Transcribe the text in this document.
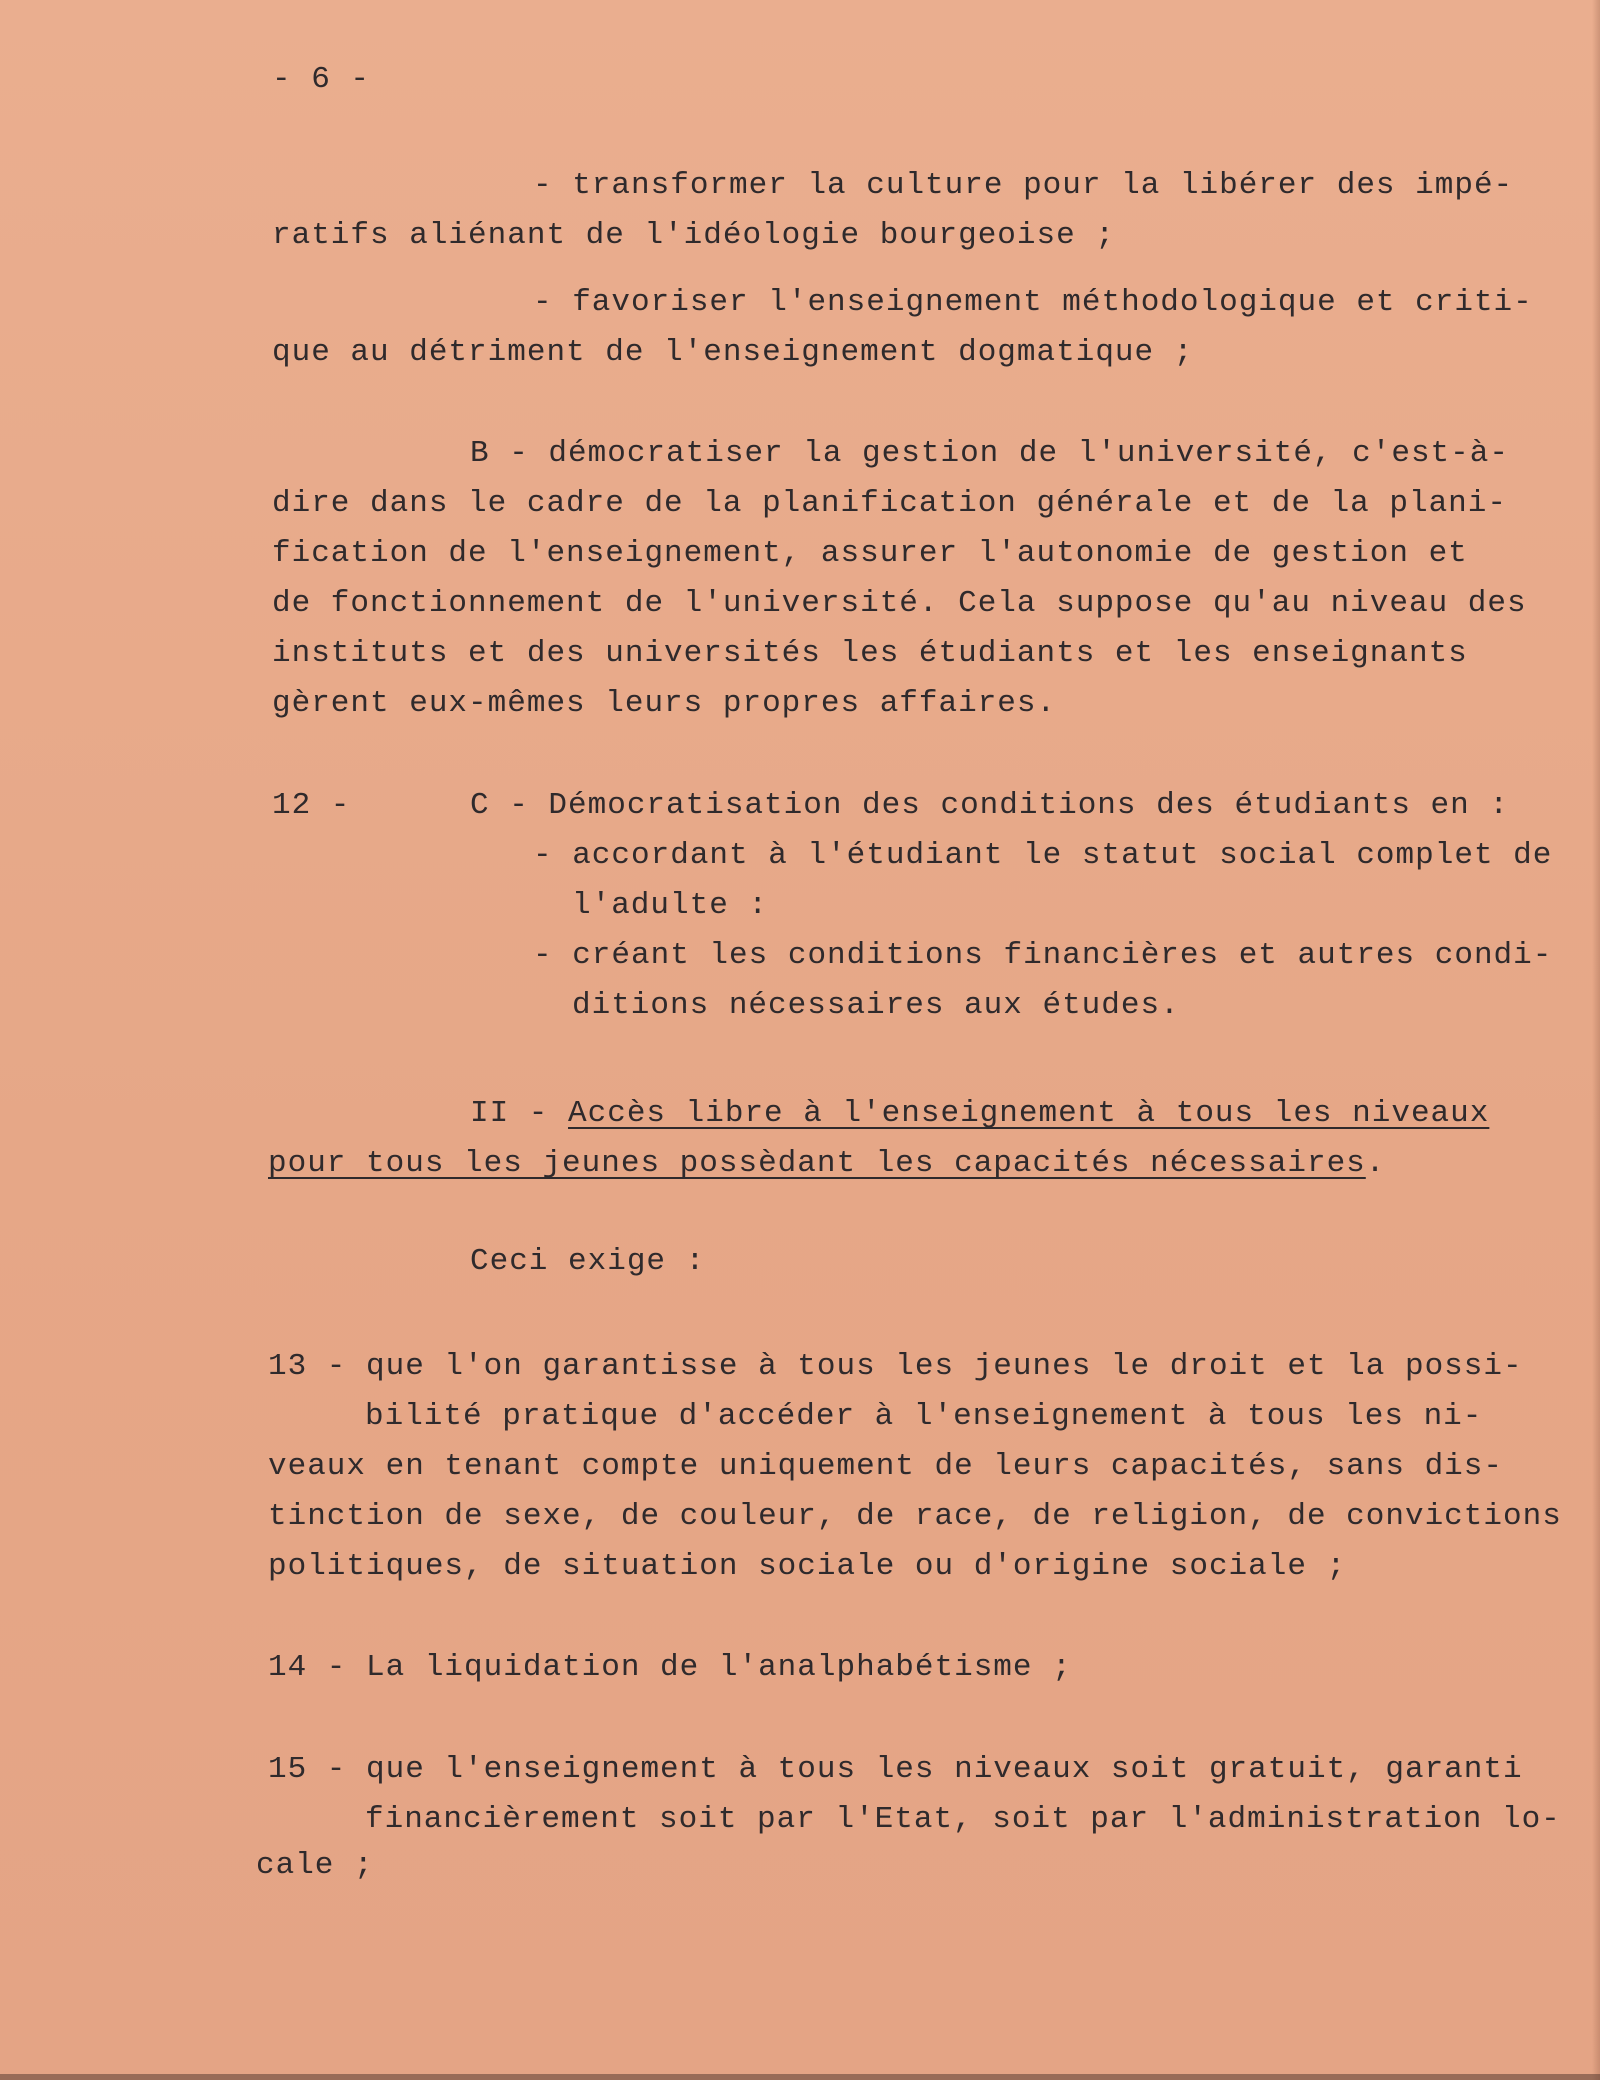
- 6 -
- transformer la culture pour la libérer des impé-
ratifs aliénant de l'idéologie bourgeoise ;
- favoriser l'enseignement méthodologique et criti-
que au détriment de l'enseignement dogmatique ;
B - démocratiser la gestion de l'université, c'est-à-
dire dans le cadre de la planification générale et de la plani-
fication de l'enseignement, assurer l'autonomie de gestion et
de fonctionnement de l'université. Cela suppose qu'au niveau des
instituts et des universités les étudiants et les enseignants
gèrent eux-mêmes leurs propres affaires.
12 -	C - Démocratisation des conditions des étudiants en :
- accordant à l'étudiant le statut social complet de
l'adulte :
- créant les conditions financières et autres condi-
ditions nécessaires aux études.
II - Accès libre à l'enseignement à tous les niveaux
pour tous les jeunes possèdant les capacités nécessaires.
Ceci exige :
13 - que l'on garantisse à tous les jeunes le droit et la possi-
bilité pratique d'accéder à l'enseignement à tous les ni-
veaux en tenant compte uniquement de leurs capacités, sans dis-
tinction de sexe, de couleur, de race, de religion, de convictions
politiques, de situation sociale ou d'origine sociale ;
14 - La liquidation de l'analphabétisme ;
15 - que l'enseignement à tous les niveaux soit gratuit, garanti
financièrement soit par l'Etat, soit par l'administration lo-
cale ;
